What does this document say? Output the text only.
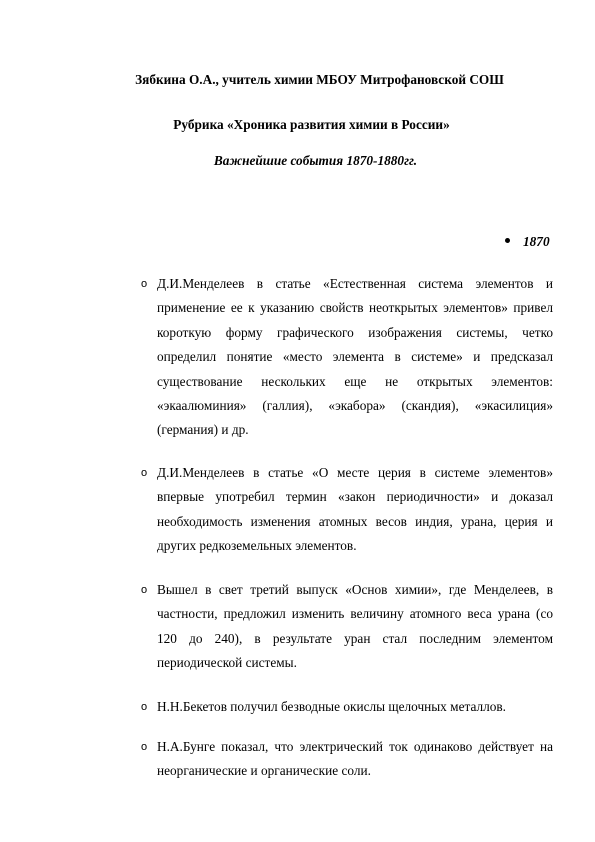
Зябкина О.А., учитель химии МБОУ Митрофановской СОШ
Рубрика «Хроника развития химии в России»
Важнейшие события 1870-1880гг.
1870
o Д.И.Менделеев в статье «Естественная система элементов и применение ее к указанию свойств неоткрытых элементов» привел короткую форму графического изображения системы, четко определил понятие «место элемента в системе» и предсказал существование нескольких еще не открытых элементов: «экаалюминия» (галлия), «экабора» (скандия), «экасилиция» (германия) и др.
o Д.И.Менделеев в статье «О месте церия в системе элементов» впервые употребил термин «закон периодичности» и доказал необходимость изменения атомных весов индия, урана, церия и других редкоземельных элементов.
o Вышел в свет третий выпуск «Основ химии», где Менделеев, в частности, предложил изменить величину атомного веса урана (со 120 до 240), в результате уран стал последним элементом периодической системы.
o Н.Н.Бекетов получил безводные окислы щелочных металлов.
o Н.А.Бунге показал, что электрический ток одинаково действует на неорганические и органические соли.
